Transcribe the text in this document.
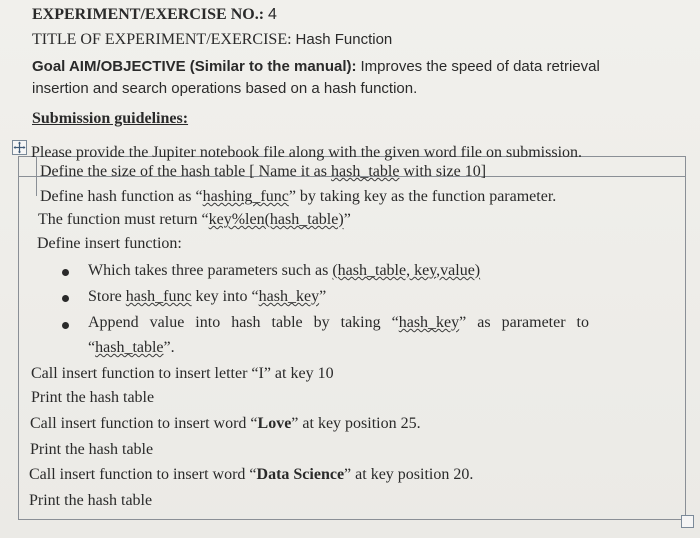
EXPERIMENT/EXERCISE NO.: 4
TITLE OF EXPERIMENT/EXERCISE: Hash Function
Goal AIM/OBJECTIVE (Similar to the manual): Improves the speed of data retrieval
insertion and search operations based on a hash function.
Submission guidelines:
Please provide the Jupiter notebook file along with the given word file on submission.
Define the size of the hash table [ Name it as hash_table with size 10]
Define hash function as “hashing_func” by taking key as the function parameter.
The function must return “key%len(hash_table)”
Define insert function:
Which takes three parameters such as (hash_table, key,value)
Store hash_func key into “hash_key”
Append value into hash table by taking “hash_key” as parameter to
“hash_table”.
Call insert function to insert letter “I” at key 10
Print the hash table
Call insert function to insert word “Love” at key position 25.
Print the hash table
Call insert function to insert word “Data Science” at key position 20.
Print the hash table
